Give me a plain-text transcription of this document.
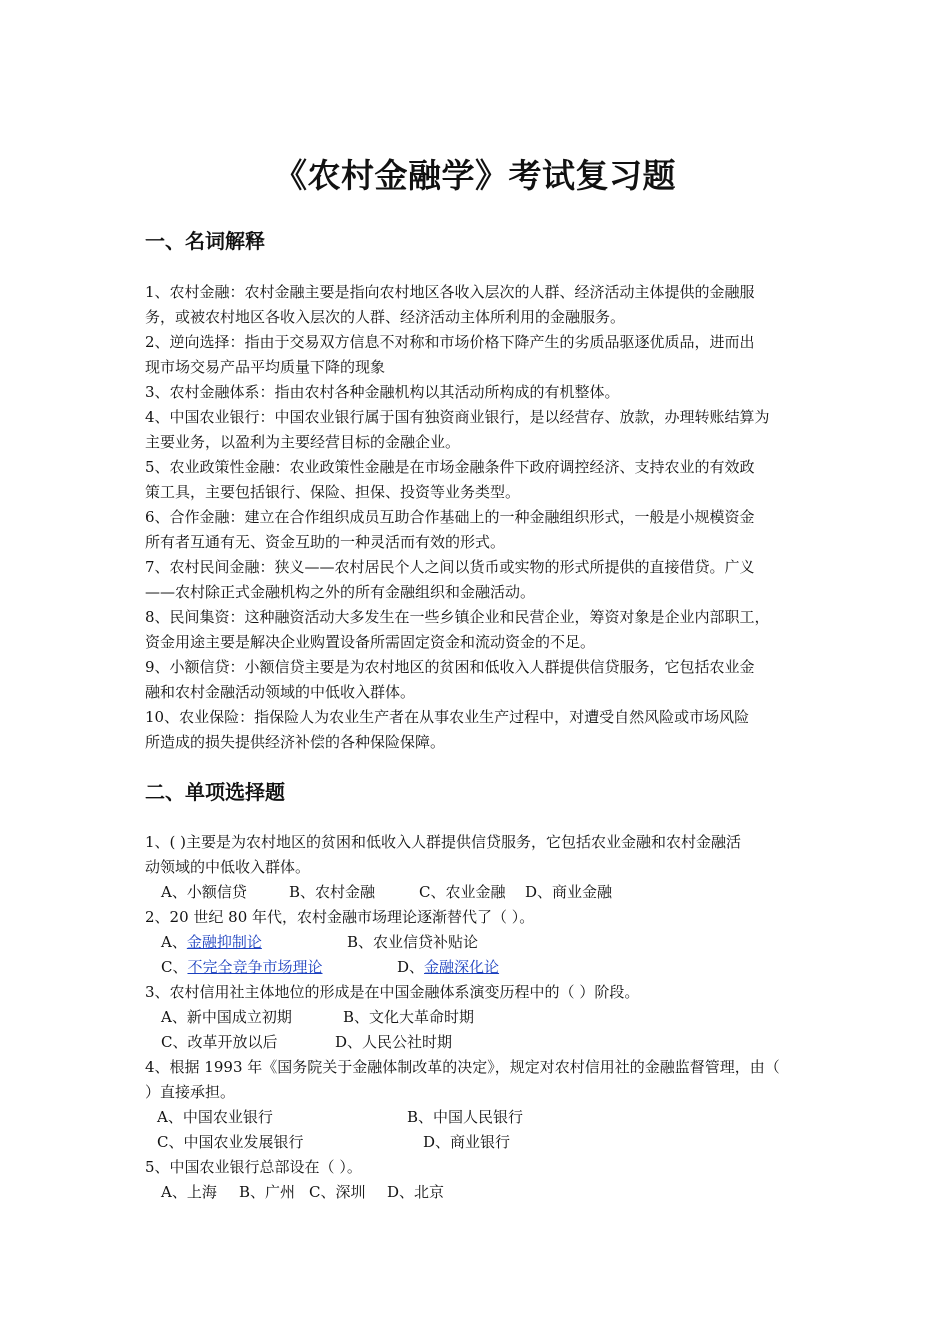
《农村金融学》考试复习题
一、名词解释

1、农村金融：农村金融主要是指向农村地区各收入层次的人群、经济活动主体提供的金融服

务，或被农村地区各收入层次的人群、经济活动主体所利用的金融服务。

2、逆向选择：指由于交易双方信息不对称和市场价格下降产生的劣质品驱逐优质品，进而出

现市场交易产品平均质量下降的现象

3、农村金融体系：指由农村各种金融机构以其活动所构成的有机整体。

4、中国农业银行：中国农业银行属于国有独资商业银行，是以经营存、放款，办理转账结算为

主要业务，以盈利为主要经营目标的金融企业。

5、农业政策性金融：农业政策性金融是在市场金融条件下政府调控经济、支持农业的有效政

策工具，主要包括银行、保险、担保、投资等业务类型。

6、合作金融：建立在合作组织成员互助合作基础上的一种金融组织形式，一般是小规模资金

所有者互通有无、资金互助的一种灵活而有效的形式。

7、农村民间金融：狭义——农村居民个人之间以货币或实物的形式所提供的直接借贷。广义

——农村除正式金融机构之外的所有金融组织和金融活动。

8、民间集资：这种融资活动大多发生在一些乡镇企业和民营企业，筹资对象是企业内部职工，

资金用途主要是解决企业购置设备所需固定资金和流动资金的不足。

9、小额信贷：小额信贷主要是为农村地区的贫困和低收入人群提供信贷服务，它包括农业金

融和农村金融活动领域的中低收入群体。

10、农业保险：指保险人为农业生产者在从事农业生产过程中，对遭受自然风险或市场风险

所造成的损失提供经济补偿的各种保险保障。

二、单项选择题

1、( )主要是为农村地区的贫困和低收入人群提供信贷服务，它包括农业金融和农村金融活

动领域的中低收入群体。

A、小额信贷	B、农村金融	C、农业金融 D、商业金融

2、20 世纪 80 年代，农村金融市场理论逐渐替代了（ ）。

A、金融抑制论	B、农业信贷补贴论

C、不完全竞争市场理论	D、金融深化论

3、农村信用社主体地位的形成是在中国金融体系演变历程中的（ ）阶段。

A、新中国成立初期	B、文化大革命时期

C、改革开放以后	D、人民公社时期

4、根据 1993 年《国务院关于金融体制改革的决定》，规定对农村信用社的金融监督管理，由（

）直接承担。

A、中国农业银行	B、中国人民银行

C、中国农业发展银行	D、商业银行

5、中国农业银行总部设在（ ）。

A、上海 B、广州 C、深圳 D、北京
